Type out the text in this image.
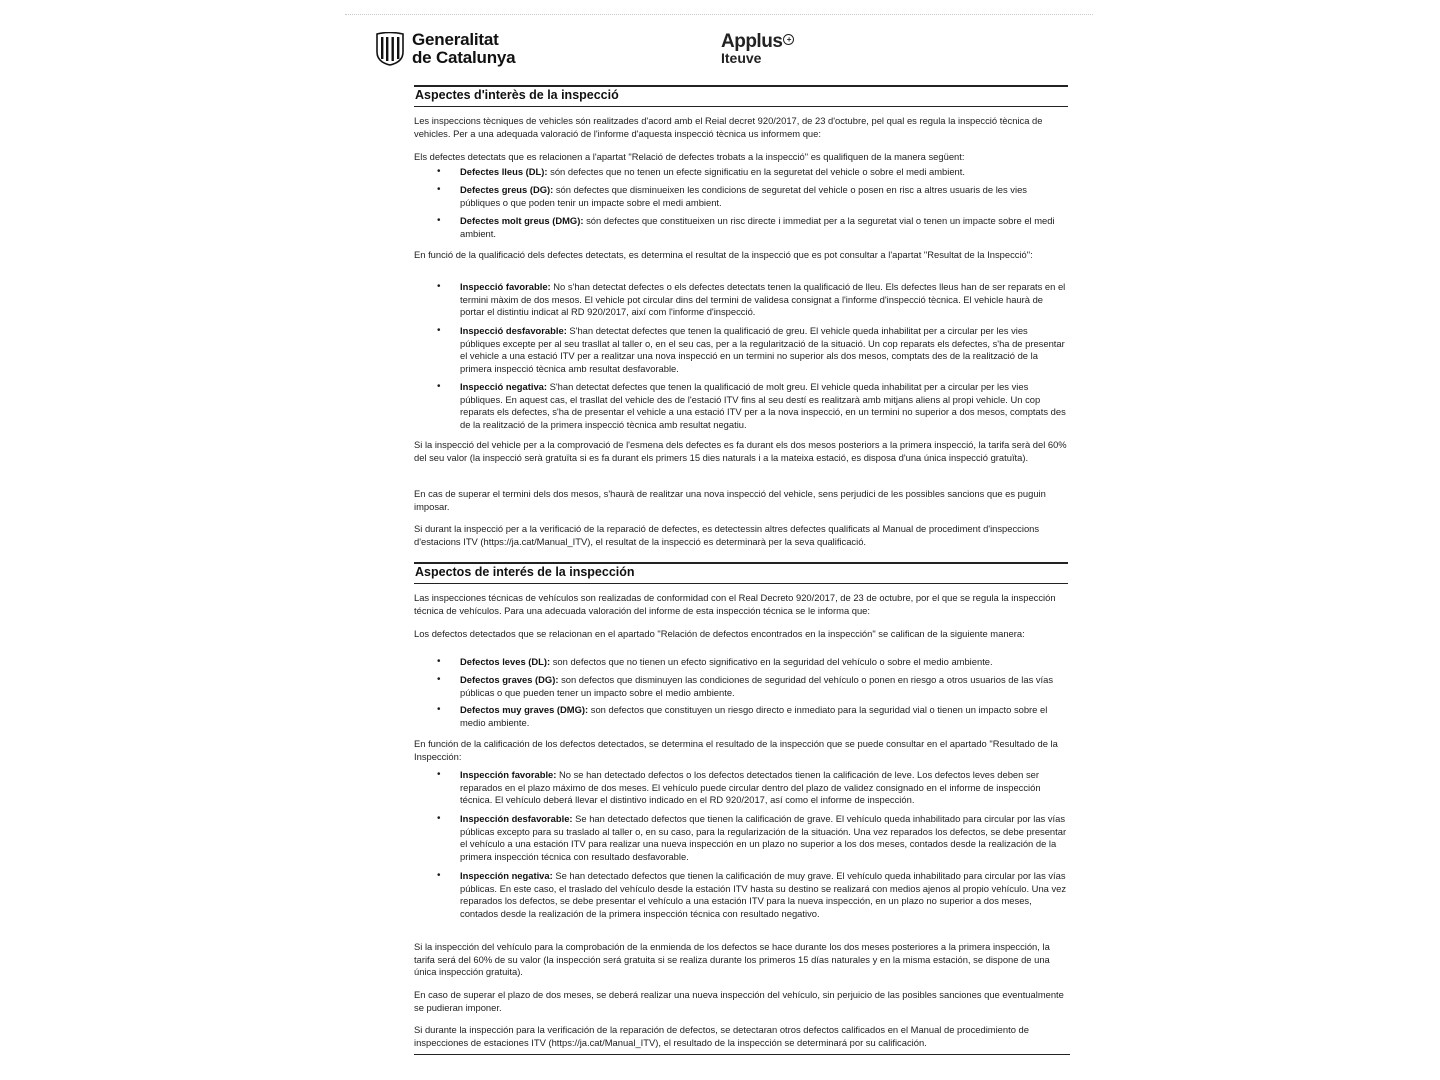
Generalitat
de Catalunya
Applus +
Iteuve
Aspectes d'interès de la inspecció
Les inspeccions tècniques de vehicles són realitzades d'acord amb el Reial decret 920/2017, de 23 d'octubre, pel qual es regula la inspecció tècnica de vehicles. Per a una adequada valoració de l'informe d'aquesta inspecció tècnica us informem que:
Els defectes detectats que es relacionen a l'apartat "Relació de defectes trobats a la inspecció" es qualifiquen de la manera següent:
• Defectes lleus (DL): són defectes que no tenen un efecte significatiu en la seguretat del vehicle o sobre el medi ambient.
• Defectes greus (DG): són defectes que disminueixen les condicions de seguretat del vehicle o posen en risc a altres usuaris de les vies públiques o que poden tenir un impacte sobre el medi ambient.
• Defectes molt greus (DMG): són defectes que constitueixen un risc directe i immediat per a la seguretat vial o tenen un impacte sobre el medi ambient.
En funció de la qualificació dels defectes detectats, es determina el resultat de la inspecció que es pot consultar a l'apartat "Resultat de la Inspecció":
• Inspecció favorable: No s'han detectat defectes o els defectes detectats tenen la qualificació de lleu. Els defectes lleus han de ser reparats en el termini màxim de dos mesos. El vehicle pot circular dins del termini de validesa consignat a l'informe d'inspecció tècnica. El vehicle haurà de portar el distintiu indicat al RD 920/2017, així com l'informe d'inspecció.
• Inspecció desfavorable: S'han detectat defectes que tenen la qualificació de greu. El vehicle queda inhabilitat per a circular per les vies públiques excepte per al seu trasllat al taller o, en el seu cas, per a la regularització de la situació. Un cop reparats els defectes, s'ha de presentar el vehicle a una estació ITV per a realitzar una nova inspecció en un termini no superior als dos mesos, comptats des de la realització de la primera inspecció tècnica amb resultat desfavorable.
• Inspecció negativa: S'han detectat defectes que tenen la qualificació de molt greu. El vehicle queda inhabilitat per a circular per les vies públiques. En aquest cas, el trasllat del vehicle des de l'estació ITV fins al seu destí es realitzarà amb mitjans aliens al propi vehicle. Un cop reparats els defectes, s'ha de presentar el vehicle a una estació ITV per a la nova inspecció, en un termini no superior a dos mesos, comptats des de la realització de la primera inspecció tècnica amb resultat negatiu.
Si la inspecció del vehicle per a la comprovació de l'esmena dels defectes es fa durant els dos mesos posteriors a la primera inspecció, la tarifa serà del 60% del seu valor (la inspecció serà gratuïta si es fa durant els primers 15 dies naturals i a la mateixa estació, es disposa d'una única inspecció gratuïta).
En cas de superar el termini dels dos mesos, s'haurà de realitzar una nova inspecció del vehicle, sens perjudici de les possibles sancions que es puguin imposar.
Si durant la inspecció per a la verificació de la reparació de defectes, es detectessin altres defectes qualificats al Manual de procediment d'inspeccions d'estacions ITV (https://ja.cat/Manual_ITV), el resultat de la inspecció es determinarà per la seva qualificació.
Aspectos de interés de la inspección
Las inspecciones técnicas de vehículos son realizadas de conformidad con el Real Decreto 920/2017, de 23 de octubre, por el que se regula la inspección técnica de vehículos. Para una adecuada valoración del informe de esta inspección técnica se le informa que:
Los defectos detectados que se relacionan en el apartado "Relación de defectos encontrados en la inspección" se califican de la siguiente manera:
• Defectos leves (DL): son defectos que no tienen un efecto significativo en la seguridad del vehículo o sobre el medio ambiente.
• Defectos graves (DG): son defectos que disminuyen las condiciones de seguridad del vehículo o ponen en riesgo a otros usuarios de las vías públicas o que pueden tener un impacto sobre el medio ambiente.
• Defectos muy graves (DMG): son defectos que constituyen un riesgo directo e inmediato para la seguridad vial o tienen un impacto sobre el medio ambiente.
En función de la calificación de los defectos detectados, se determina el resultado de la inspección que se puede consultar en el apartado "Resultado de la Inspección:
• Inspección favorable: No se han detectado defectos o los defectos detectados tienen la calificación de leve. Los defectos leves deben ser reparados en el plazo máximo de dos meses. El vehículo puede circular dentro del plazo de validez consignado en el informe de inspección técnica. El vehículo deberá llevar el distintivo indicado en el RD 920/2017, así como el informe de inspección.
• Inspección desfavorable: Se han detectado defectos que tienen la calificación de grave. El vehículo queda inhabilitado para circular por las vías públicas excepto para su traslado al taller o, en su caso, para la regularización de la situación. Una vez reparados los defectos, se debe presentar el vehículo a una estación ITV para realizar una nueva inspección en un plazo no superior a los dos meses, contados desde la realización de la primera inspección técnica con resultado desfavorable.
• Inspección negativa: Se han detectado defectos que tienen la calificación de muy grave. El vehículo queda inhabilitado para circular por las vías públicas. En este caso, el traslado del vehículo desde la estación ITV hasta su destino se realizará con medios ajenos al propio vehículo. Una vez reparados los defectos, se debe presentar el vehículo a una estación ITV para la nueva inspección, en un plazo no superior a dos meses, contados desde la realización de la primera inspección técnica con resultado negativo.
Si la inspección del vehículo para la comprobación de la enmienda de los defectos se hace durante los dos meses posteriores a la primera inspección, la tarifa será del 60% de su valor (la inspección será gratuita si se realiza durante los primeros 15 días naturales y en la misma estación, se dispone de una única inspección gratuita).
En caso de superar el plazo de dos meses, se deberá realizar una nueva inspección del vehículo, sin perjuicio de las posibles sanciones que eventualmente se pudieran imponer.
Si durante la inspección para la verificación de la reparación de defectos, se detectaran otros defectos calificados en el Manual de procedimiento de inspecciones de estaciones ITV (https://ja.cat/Manual_ITV), el resultado de la inspección se determinará por su calificación.
